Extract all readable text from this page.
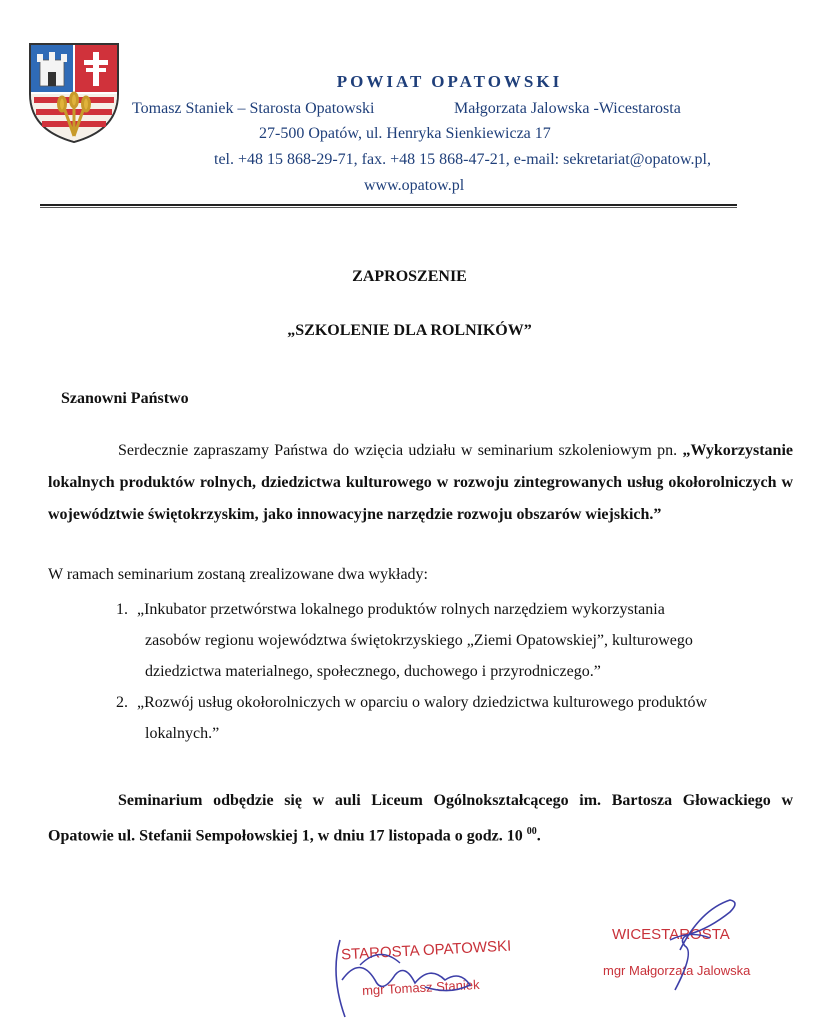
POWIAT OPATOWSKI
Tomasz Staniek – Starosta Opatowski	Małgorzata Jalowska -Wicestarosta
27-500 Opatów, ul. Henryka Sienkiewicza 17
tel. +48 15 868-29-71, fax. +48 15 868-47-21, e-mail: sekretariat@opatow.pl,
www.opatow.pl
ZAPROSZENIE
„SZKOLENIE DLA ROLNIKÓW”
Szanowni Państwo
Serdecznie zapraszamy Państwa do wzięcia udziału w seminarium szkoleniowym pn. „Wykorzystanie lokalnych produktów rolnych, dziedzictwa kulturowego w rozwoju zintegrowanych usług okołorolniczych w województwie świętokrzyskim, jako innowacyjne narzędzie rozwoju obszarów wiejskich.”
W ramach seminarium zostaną zrealizowane dwa wykłady:
1. „Inkubator przetwórstwa lokalnego produktów rolnych narzędziem wykorzystania
zasobów regionu województwa świętokrzyskiego „Ziemi Opatowskiej”, kulturowego
dziedzictwa materialnego, społecznego, duchowego i przyrodniczego.”
2. „Rozwój usług okołorolniczych w oparciu o walory dziedzictwa kulturowego produktów
lokalnych.”
Seminarium odbędzie się w auli Liceum Ogólnokształcącego im. Bartosza Głowackiego w Opatowie ul. Stefanii Sempołowskiej 1, w dniu 17 listopada o godz. 10 $^{00}$.
STAROSTA OPATOWSKI
mgr Tomasz Staniek
WICESTAROSTA
mgr Małgorzata Jalowska
